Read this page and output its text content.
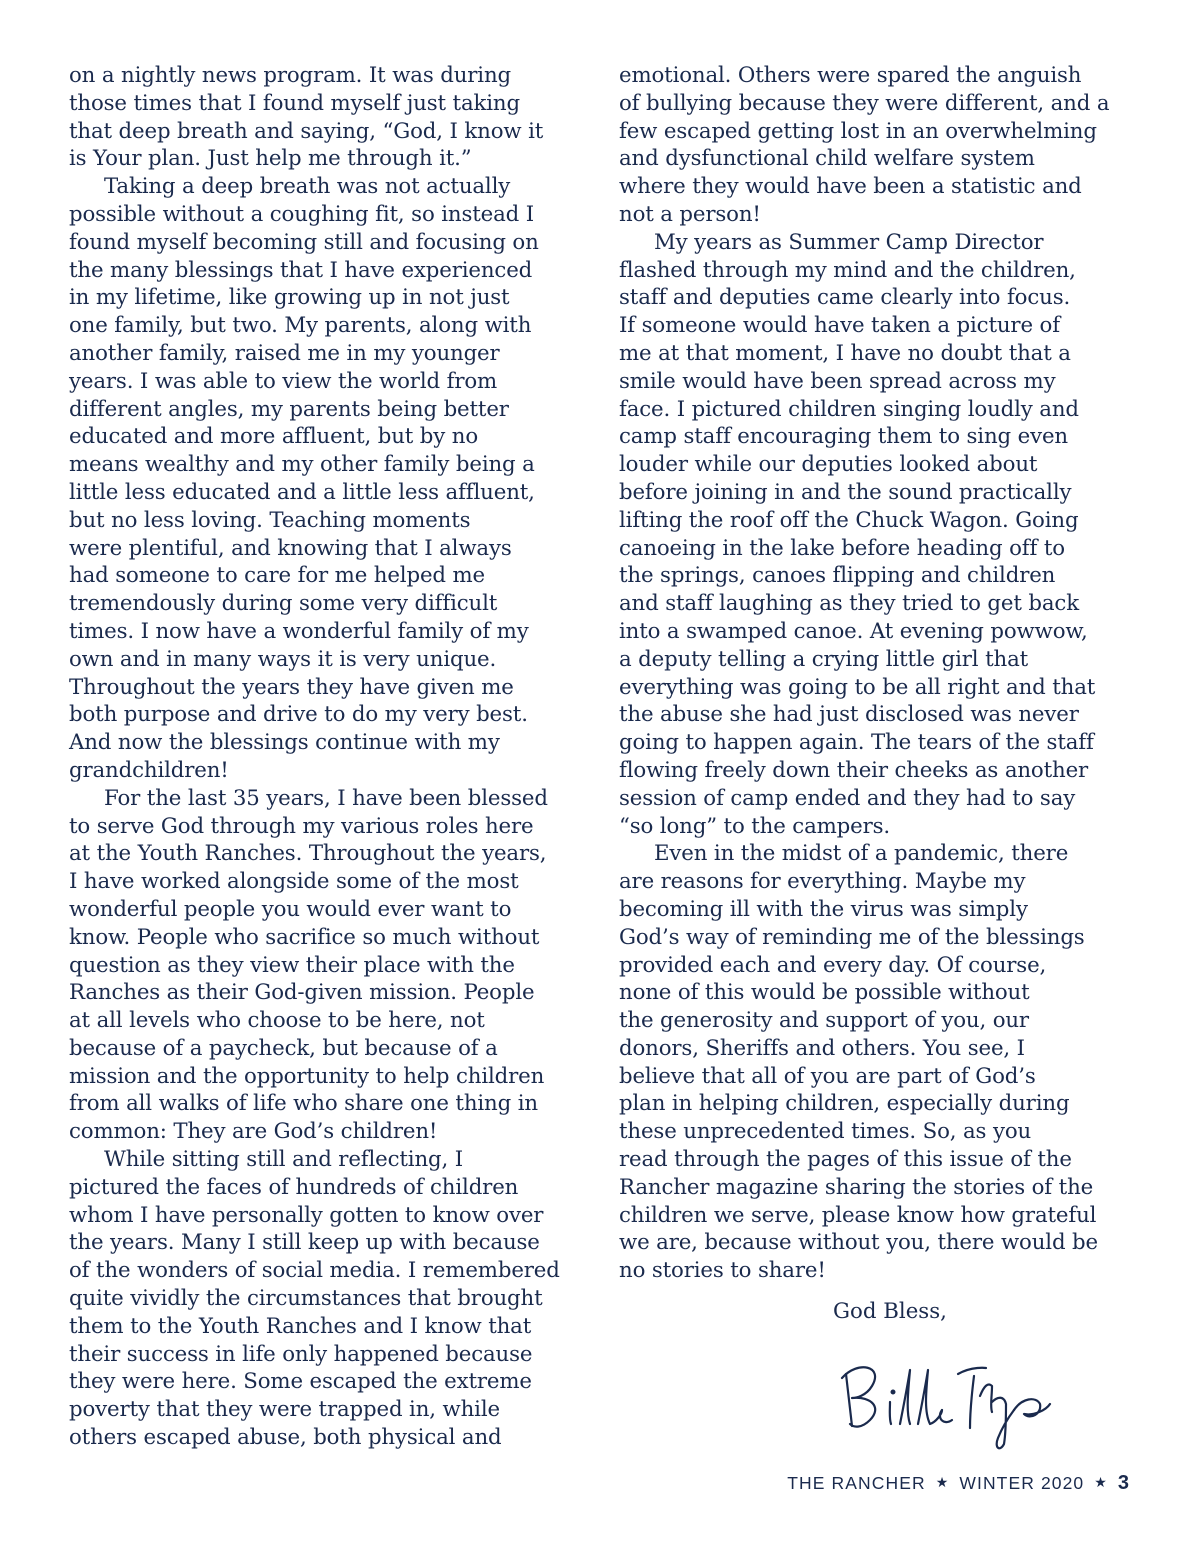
on a nightly news program. It was during
those times that I found myself just taking
that deep breath and saying, “God, I know it
is Your plan. Just help me through it.”
Taking a deep breath was not actually
possible without a coughing fit, so instead I
found myself becoming still and focusing on
the many blessings that I have experienced
in my lifetime, like growing up in not just
one family, but two. My parents, along with
another family, raised me in my younger
years. I was able to view the world from
different angles, my parents being better
educated and more affluent, but by no
means wealthy and my other family being a
little less educated and a little less affluent,
but no less loving. Teaching moments
were plentiful, and knowing that I always
had someone to care for me helped me
tremendously during some very difficult
times. I now have a wonderful family of my
own and in many ways it is very unique.
Throughout the years they have given me
both purpose and drive to do my very best.
And now the blessings continue with my
grandchildren!
For the last 35 years, I have been blessed
to serve God through my various roles here
at the Youth Ranches. Throughout the years,
I have worked alongside some of the most
wonderful people you would ever want to
know. People who sacrifice so much without
question as they view their place with the
Ranches as their God-given mission. People
at all levels who choose to be here, not
because of a paycheck, but because of a
mission and the opportunity to help children
from all walks of life who share one thing in
common: They are God’s children!
While sitting still and reflecting, I
pictured the faces of hundreds of children
whom I have personally gotten to know over
the years. Many I still keep up with because
of the wonders of social media. I remembered
quite vividly the circumstances that brought
them to the Youth Ranches and I know that
their success in life only happened because
they were here. Some escaped the extreme
poverty that they were trapped in, while
others escaped abuse, both physical and
emotional. Others were spared the anguish
of bullying because they were different, and a
few escaped getting lost in an overwhelming
and dysfunctional child welfare system
where they would have been a statistic and
not a person!
My years as Summer Camp Director
flashed through my mind and the children,
staff and deputies came clearly into focus.
If someone would have taken a picture of
me at that moment, I have no doubt that a
smile would have been spread across my
face. I pictured children singing loudly and
camp staff encouraging them to sing even
louder while our deputies looked about
before joining in and the sound practically
lifting the roof off the Chuck Wagon. Going
canoeing in the lake before heading off to
the springs, canoes flipping and children
and staff laughing as they tried to get back
into a swamped canoe. At evening powwow,
a deputy telling a crying little girl that
everything was going to be all right and that
the abuse she had just disclosed was never
going to happen again. The tears of the staff
flowing freely down their cheeks as another
session of camp ended and they had to say
“so long” to the campers.
Even in the midst of a pandemic, there
are reasons for everything. Maybe my
becoming ill with the virus was simply
God’s way of reminding me of the blessings
provided each and every day. Of course,
none of this would be possible without
the generosity and support of you, our
donors, Sheriffs and others. You see, I
believe that all of you are part of God’s
plan in helping children, especially during
these unprecedented times. So, as you
read through the pages of this issue of the
Rancher magazine sharing the stories of the
children we serve, please know how grateful
we are, because without you, there would be
no stories to share!
God Bless,
THE RANCHER ★ WINTER 2020 ★ 3
